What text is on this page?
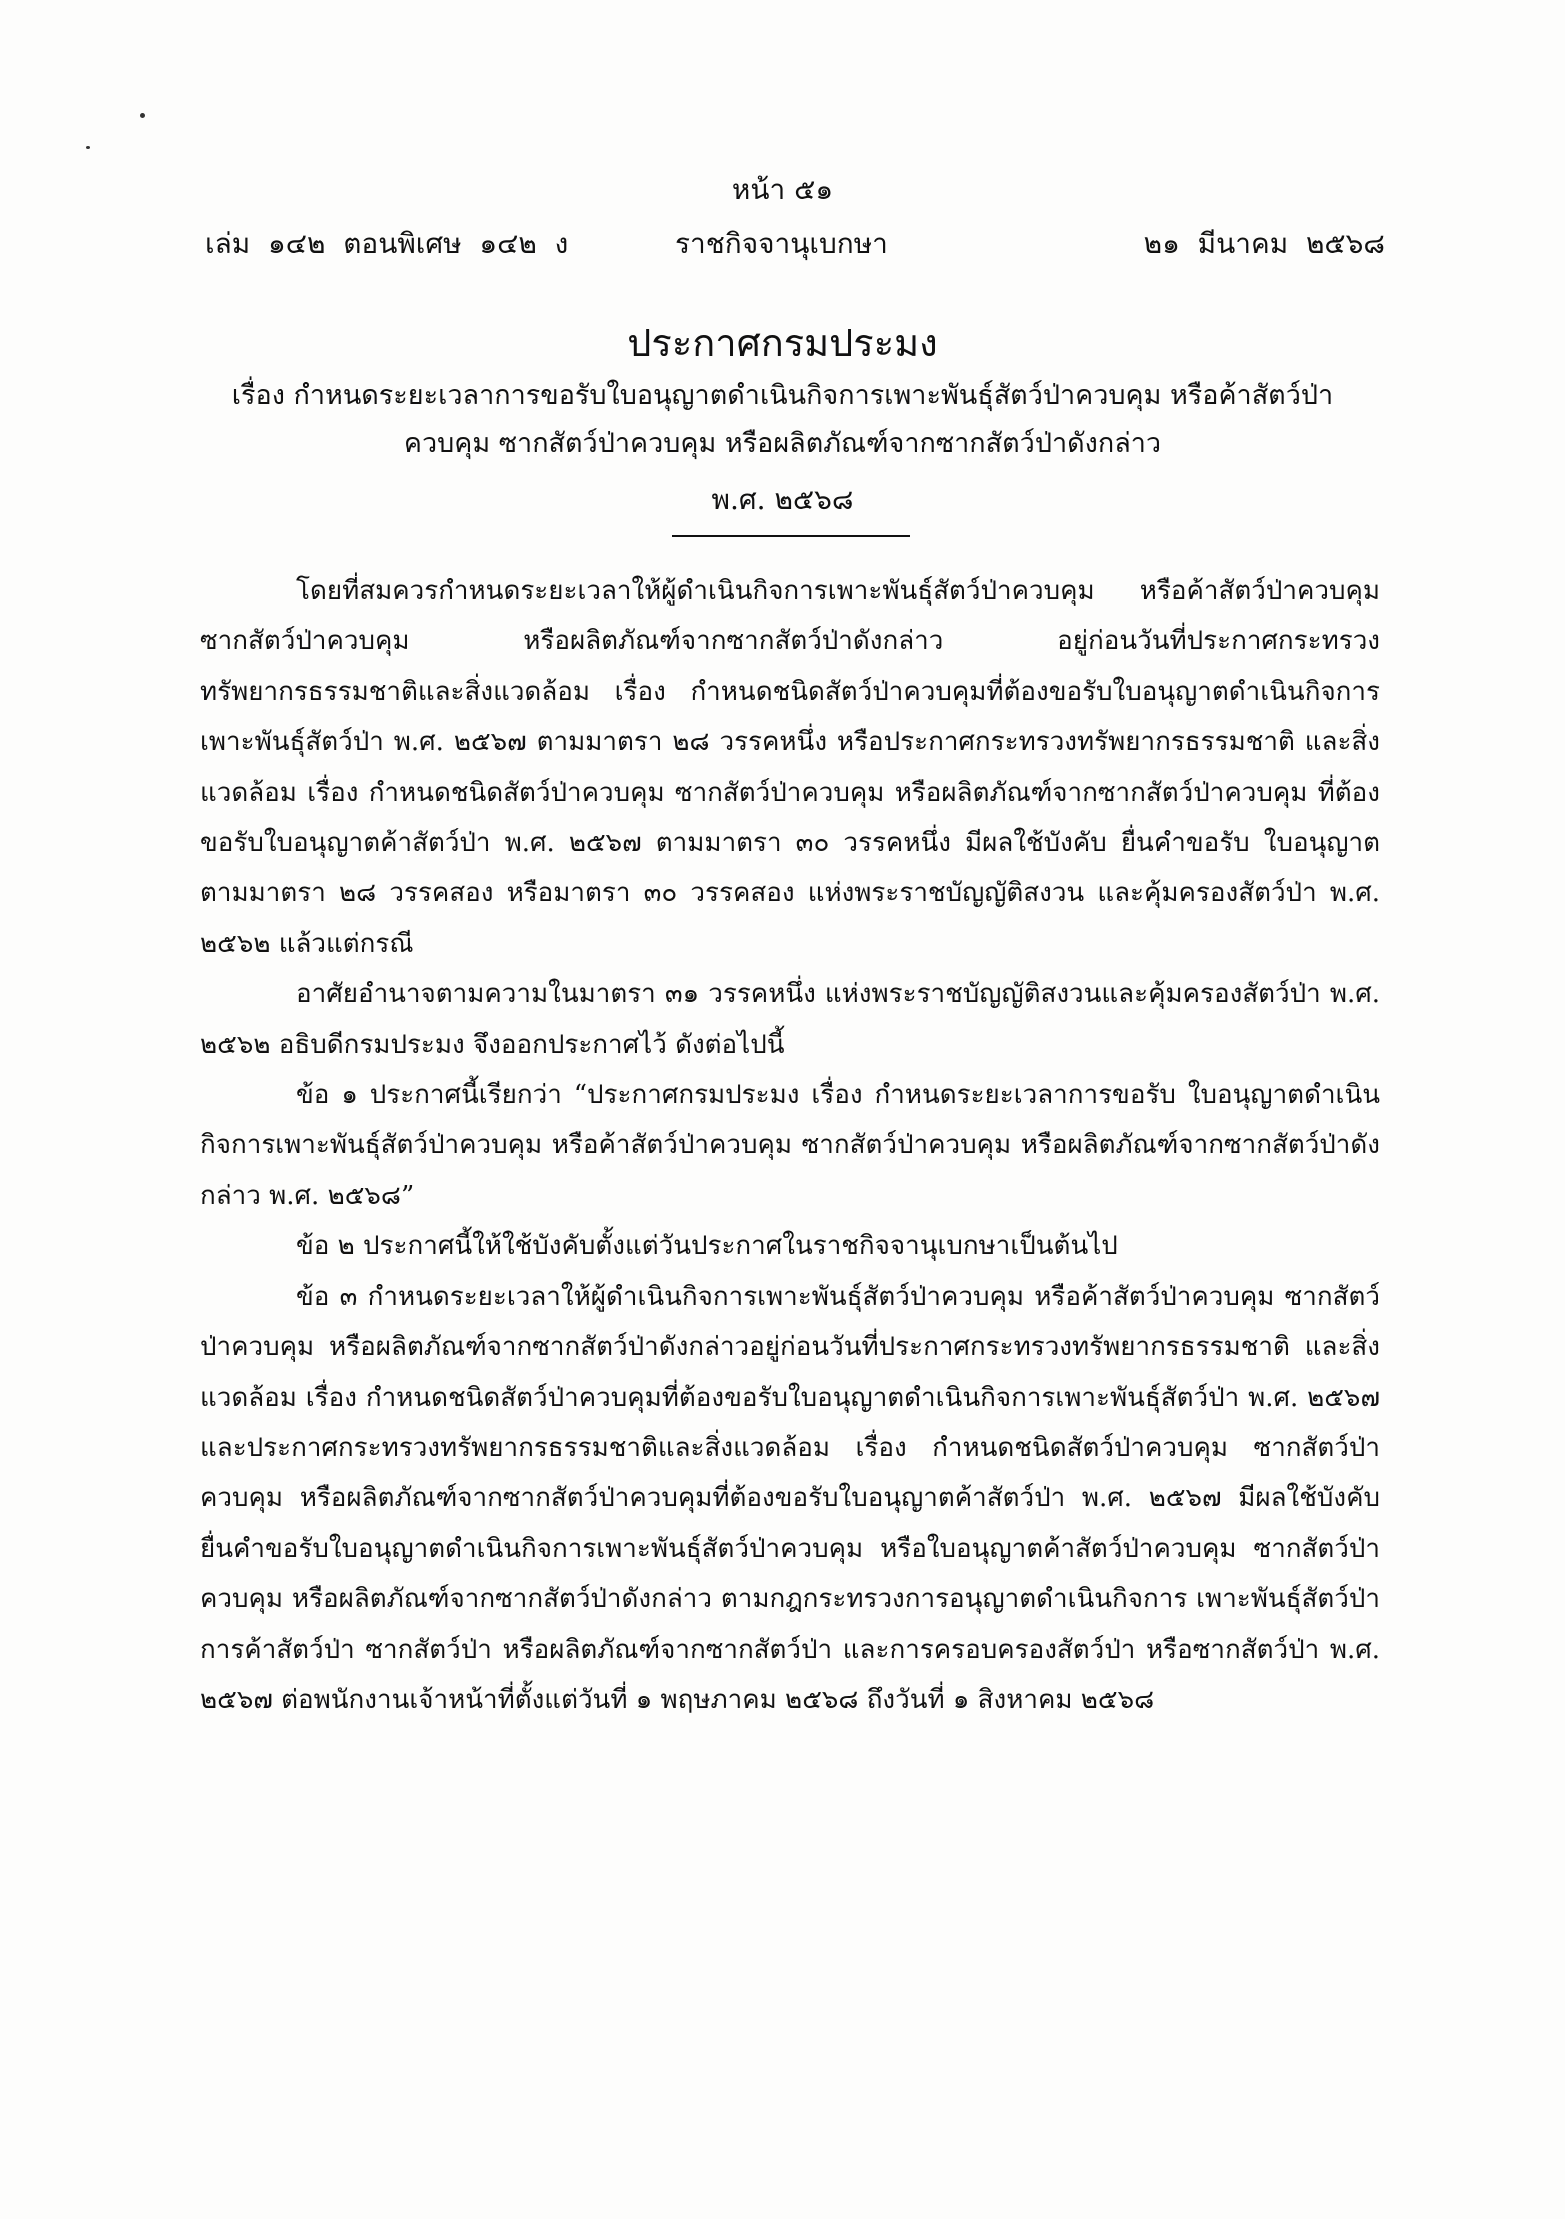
หน้า ๕๑
เล่ม  ๑๔๒  ตอนพิเศษ  ๑๔๒  ง	ราชกิจจานุเบกษา	๒๑  มีนาคม  ๒๕๖๘
ประกาศกรมประมง
เรื่อง กำหนดระยะเวลาการขอรับใบอนุญาตดำเนินกิจการเพาะพันธุ์สัตว์ป่าควบคุม หรือค้าสัตว์ป่าควบคุม ซากสัตว์ป่าควบคุม หรือผลิตภัณฑ์จากซากสัตว์ป่าดังกล่าว
พ.ศ. ๒๕๖๘

โดยที่สมควรกำหนดระยะเวลาให้ผู้ดำเนินกิจการเพาะพันธุ์สัตว์ป่าควบคุม หรือค้าสัตว์ป่าควบคุม ซากสัตว์ป่าควบคุม หรือผลิตภัณฑ์จากซากสัตว์ป่าดังกล่าว อยู่ก่อนวันที่ประกาศกระทรวง ทรัพยากรธรรมชาติและสิ่งแวดล้อม เรื่อง กำหนดชนิดสัตว์ป่าควบคุมที่ต้องขอรับใบอนุญาตดำเนินกิจการ เพาะพันธุ์สัตว์ป่า พ.ศ. ๒๕๖๗ ตามมาตรา ๒๘ วรรคหนึ่ง หรือประกาศกระทรวงทรัพยากรธรรมชาติ และสิ่งแวดล้อม เรื่อง กำหนดชนิดสัตว์ป่าควบคุม ซากสัตว์ป่าควบคุม หรือผลิตภัณฑ์จากซากสัตว์ป่าควบคุม ที่ต้องขอรับใบอนุญาตค้าสัตว์ป่า พ.ศ. ๒๕๖๗ ตามมาตรา ๓๐ วรรคหนึ่ง มีผลใช้บังคับ ยื่นคำขอรับ ใบอนุญาตตามมาตรา ๒๘ วรรคสอง หรือมาตรา ๓๐ วรรคสอง แห่งพระราชบัญญัติสงวน และคุ้มครองสัตว์ป่า พ.ศ. ๒๕๖๒ แล้วแต่กรณี

อาศัยอำนาจตามความในมาตรา ๓๑ วรรคหนึ่ง แห่งพระราชบัญญัติสงวนและคุ้มครองสัตว์ป่า พ.ศ. ๒๕๖๒ อธิบดีกรมประมง จึงออกประกาศไว้ ดังต่อไปนี้

ข้อ ๑ ประกาศนี้เรียกว่า “ประกาศกรมประมง เรื่อง กำหนดระยะเวลาการขอรับ ใบอนุญาตดำเนินกิจการเพาะพันธุ์สัตว์ป่าควบคุม หรือค้าสัตว์ป่าควบคุม ซากสัตว์ป่าควบคุม หรือผลิตภัณฑ์จากซากสัตว์ป่าดังกล่าว พ.ศ. ๒๕๖๘”

ข้อ ๒ ประกาศนี้ให้ใช้บังคับตั้งแต่วันประกาศในราชกิจจานุเบกษาเป็นต้นไป

ข้อ ๓ กำหนดระยะเวลาให้ผู้ดำเนินกิจการเพาะพันธุ์สัตว์ป่าควบคุม หรือค้าสัตว์ป่าควบคุม ซากสัตว์ป่าควบคุม หรือผลิตภัณฑ์จากซากสัตว์ป่าดังกล่าวอยู่ก่อนวันที่ประกาศกระทรวงทรัพยากรธรรมชาติ และสิ่งแวดล้อม เรื่อง กำหนดชนิดสัตว์ป่าควบคุมที่ต้องขอรับใบอนุญาตดำเนินกิจการเพาะพันธุ์สัตว์ป่า พ.ศ. ๒๕๖๗ และประกาศกระทรวงทรัพยากรธรรมชาติและสิ่งแวดล้อม เรื่อง กำหนดชนิดสัตว์ป่าควบคุม ซากสัตว์ป่าควบคุม หรือผลิตภัณฑ์จากซากสัตว์ป่าควบคุมที่ต้องขอรับใบอนุญาตค้าสัตว์ป่า พ.ศ. ๒๕๖๗ มีผลใช้บังคับ ยื่นคำขอรับใบอนุญาตดำเนินกิจการเพาะพันธุ์สัตว์ป่าควบคุม หรือใบอนุญาตค้าสัตว์ป่าควบคุม ซากสัตว์ป่าควบคุม หรือผลิตภัณฑ์จากซากสัตว์ป่าดังกล่าว ตามกฎกระทรวงการอนุญาตดำเนินกิจการ เพาะพันธุ์สัตว์ป่า การค้าสัตว์ป่า ซากสัตว์ป่า หรือผลิตภัณฑ์จากซากสัตว์ป่า และการครอบครองสัตว์ป่า หรือซากสัตว์ป่า พ.ศ. ๒๕๖๗ ต่อพนักงานเจ้าหน้าที่ตั้งแต่วันที่ ๑ พฤษภาคม ๒๕๖๘ ถึงวันที่ ๑ สิงหาคม ๒๕๖๘
